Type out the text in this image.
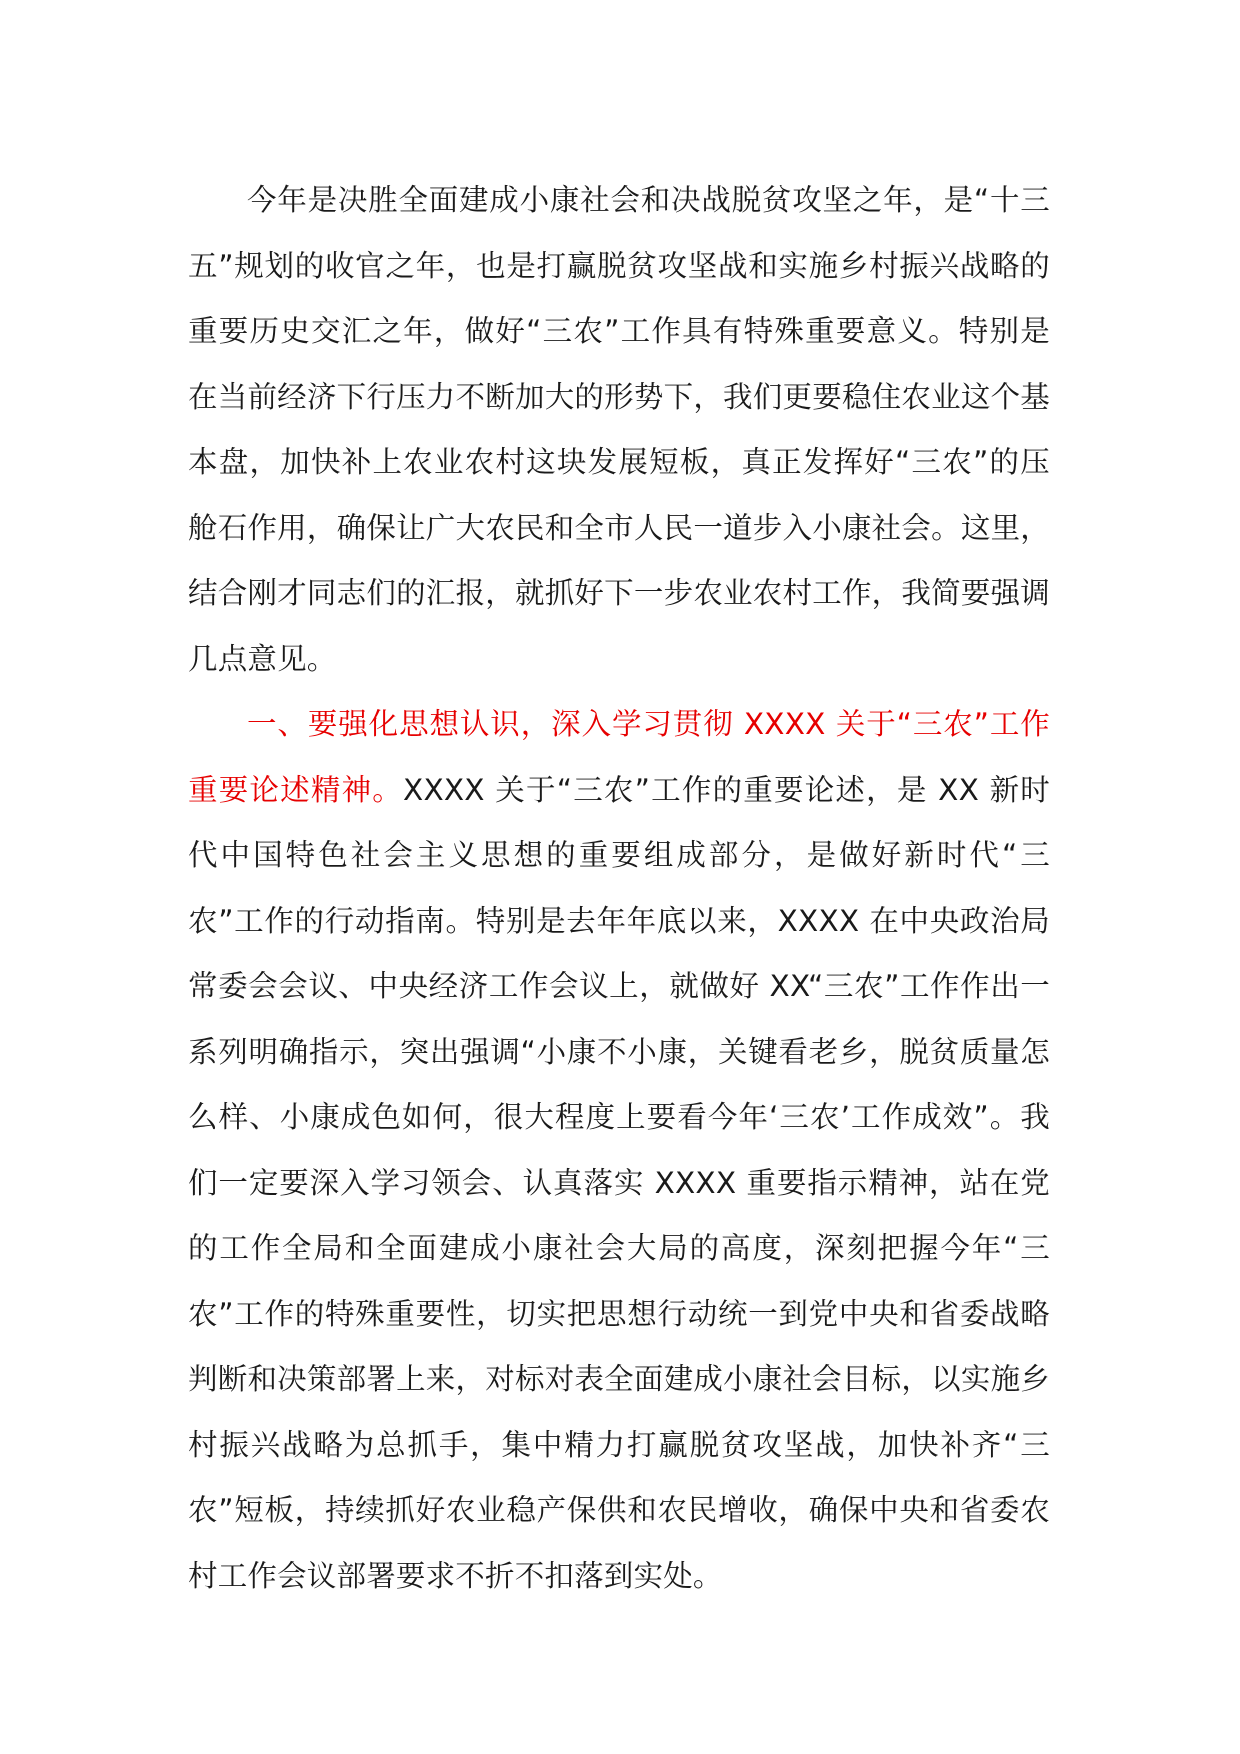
今年是决胜全面建成小康社会和决战脱贫攻坚之年，是“十三五”规划的收官之年，也是打赢脱贫攻坚战和实施乡村振兴战略的重要历史交汇之年，做好“三农”工作具有特殊重要意义。特别是在当前经济下行压力不断加大的形势下，我们更要稳住农业这个基本盘，加快补上农业农村这块发展短板，真正发挥好“三农”的压舱石作用，确保让广大农民和全市人民一道步入小康社会。这里，结合刚才同志们的汇报，就抓好下一步农业农村工作，我简要强调几点意见。

一、要强化思想认识，深入学习贯彻 XXXX 关于“三农”工作重要论述精神。XXXX 关于“三农”工作的重要论述，是 XX 新时代中国特色社会主义思想的重要组成部分，是做好新时代“三农”工作的行动指南。特别是去年年底以来，XXXX 在中央政治局常委会会议、中央经济工作会议上，就做好 XX“三农”工作作出一系列明确指示，突出强调“小康不小康，关键看老乡，脱贫质量怎么样、小康成色如何，很大程度上要看今年‘三农’工作成效”。我们一定要深入学习领会、认真落实 XXXX 重要指示精神，站在党的工作全局和全面建成小康社会大局的高度，深刻把握今年“三农”工作的特殊重要性，切实把思想行动统一到党中央和省委战略判断和决策部署上来，对标对表全面建成小康社会目标，以实施乡村振兴战略为总抓手，集中精力打赢脱贫攻坚战，加快补齐“三农”短板，持续抓好农业稳产保供和农民增收，确保中央和省委农村工作会议部署要求不折不扣落到实处。
